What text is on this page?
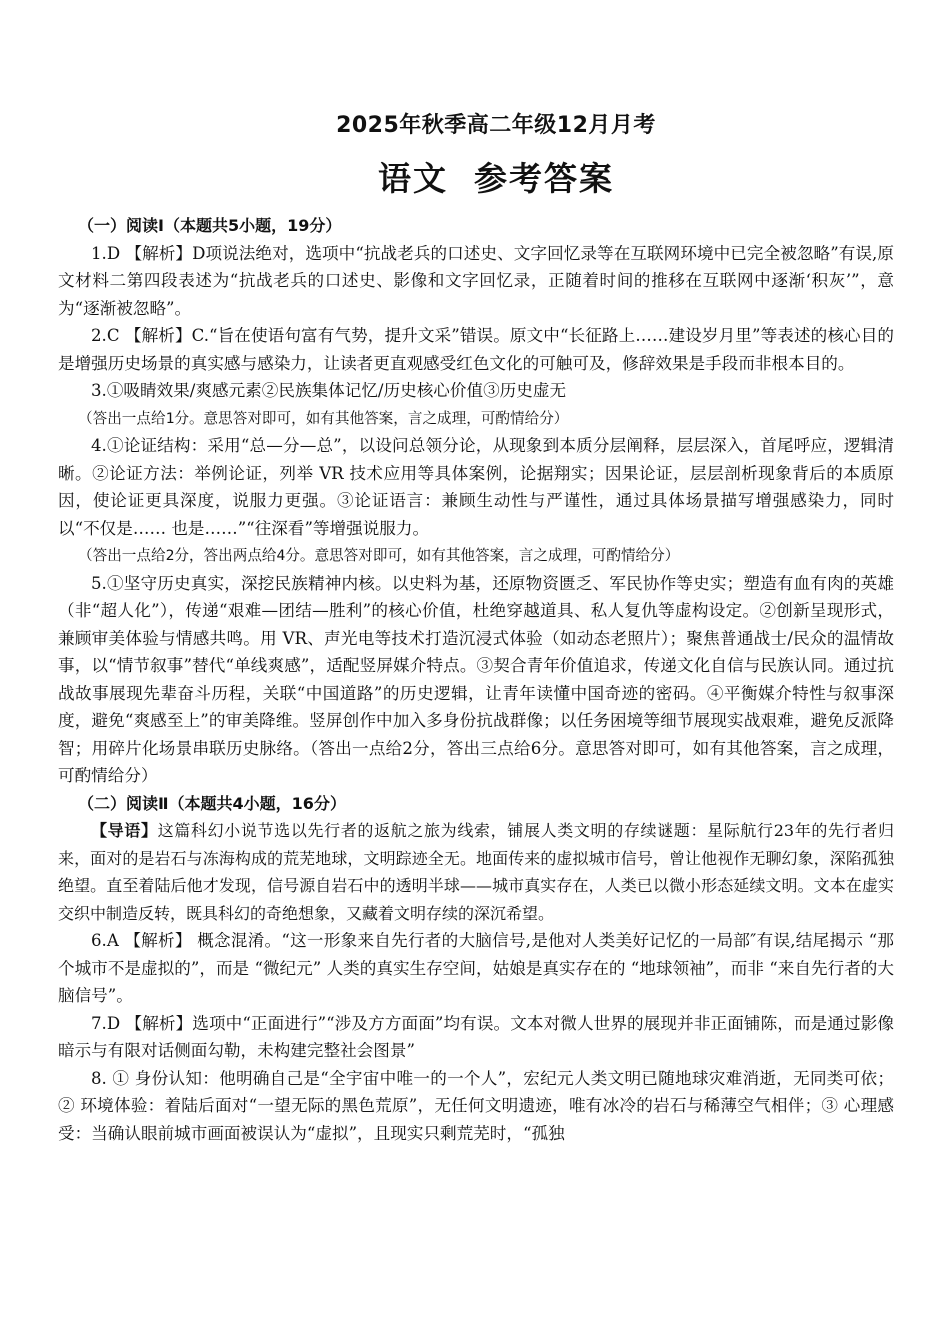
2025年秋季高二年级12月月考
语文 参考答案

（一）阅读Ⅰ（本题共5小题，19分）

1.D 【解析】D项说法绝对，选项中“抗战老兵的口述史、文字回忆录等在互联网环境中已完全被忽略”有误,原文材料二第四段表述为“抗战老兵的口述史、影像和文字回忆录，正随着时间的推移在互联网中逐渐‘积灰’”，意为“逐渐被忽略”。

2.C 【解析】C.“旨在使语句富有气势，提升文采”错误。原文中“长征路上……建设岁月里”等表述的核心目的是增强历史场景的真实感与感染力，让读者更直观感受红色文化的可触可及，修辞效果是手段而非根本目的。

3.①吸睛效果/爽感元素②民族集体记忆/历史核心价值③历史虚无

（答出一点给1分。意思答对即可，如有其他答案，言之成理，可酌情给分）

4.①论证结构：采用“总—分—总”，以设问总领分论，从现象到本质分层阐释，层层深入，首尾呼应，逻辑清晰。②论证方法：举例论证，列举 VR 技术应用等具体案例，论据翔实；因果论证，层层剖析现象背后的本质原因，使论证更具深度，说服力更强。③论证语言：兼顾生动性与严谨性，通过具体场景描写增强感染力，同时以“不仅是…… 也是……”“往深看”等增强说服力。

（答出一点给2分，答出两点给4分。意思答对即可，如有其他答案，言之成理，可酌情给分）

5.①坚守历史真实，深挖民族精神内核。以史料为基，还原物资匮乏、军民协作等史实；塑造有血有肉的英雄（非“超人化”），传递“艰难—团结—胜利”的核心价值，杜绝穿越道具、私人复仇等虚构设定。②创新呈现形式，兼顾审美体验与情感共鸣。用 VR、声光电等技术打造沉浸式体验（如动态老照片）；聚焦普通战士/民众的温情故事，以“情节叙事”替代“单线爽感”，适配竖屏媒介特点。③契合青年价值追求，传递文化自信与民族认同。通过抗战故事展现先辈奋斗历程，关联“中国道路”的历史逻辑，让青年读懂中国奇迹的密码。④平衡媒介特性与叙事深度，避免“爽感至上”的审美降维。竖屏创作中加入多身份抗战群像；以任务困境等细节展现实战艰难，避免反派降智；用碎片化场景串联历史脉络。（答出一点给2分，答出三点给6分。意思答对即可，如有其他答案，言之成理，可酌情给分）

（二）阅读Ⅱ（本题共4小题，16分）

【导语】这篇科幻小说节选以先行者的返航之旅为线索，铺展人类文明的存续谜题：星际航行23年的先行者归来，面对的是岩石与冻海构成的荒芜地球，文明踪迹全无。地面传来的虚拟城市信号，曾让他视作无聊幻象，深陷孤独绝望。直至着陆后他才发现，信号源自岩石中的透明半球——城市真实存在，人类已以微小形态延续文明。文本在虚实交织中制造反转，既具科幻的奇绝想象，又藏着文明存续的深沉希望。

6.A 【解析】 概念混淆。“这一形象来自先行者的大脑信号,是他对人类美好记忆的一局部″有误,结尾揭示 “那个城市不是虚拟的”，而是 “微纪元” 人类的真实生存空间，姑娘是真实存在的 “地球领袖”，而非 “来自先行者的大脑信号”。

7.D 【解析】选项中“正面进行”“涉及方方面面”均有误。文本对微人世界的展现并非正面铺陈，而是通过影像暗示与有限对话侧面勾勒，未构建完整社会图景”

8. ① 身份认知：他明确自己是“全宇宙中唯一的一个人”，宏纪元人类文明已随地球灾难消逝，无同类可依；② 环境体验：着陆后面对“一望无际的黑色荒原”，无任何文明遗迹，唯有冰冷的岩石与稀薄空气相伴；③ 心理感受：当确认眼前城市画面被误认为“虚拟”，且现实只剩荒芜时，“孤独
